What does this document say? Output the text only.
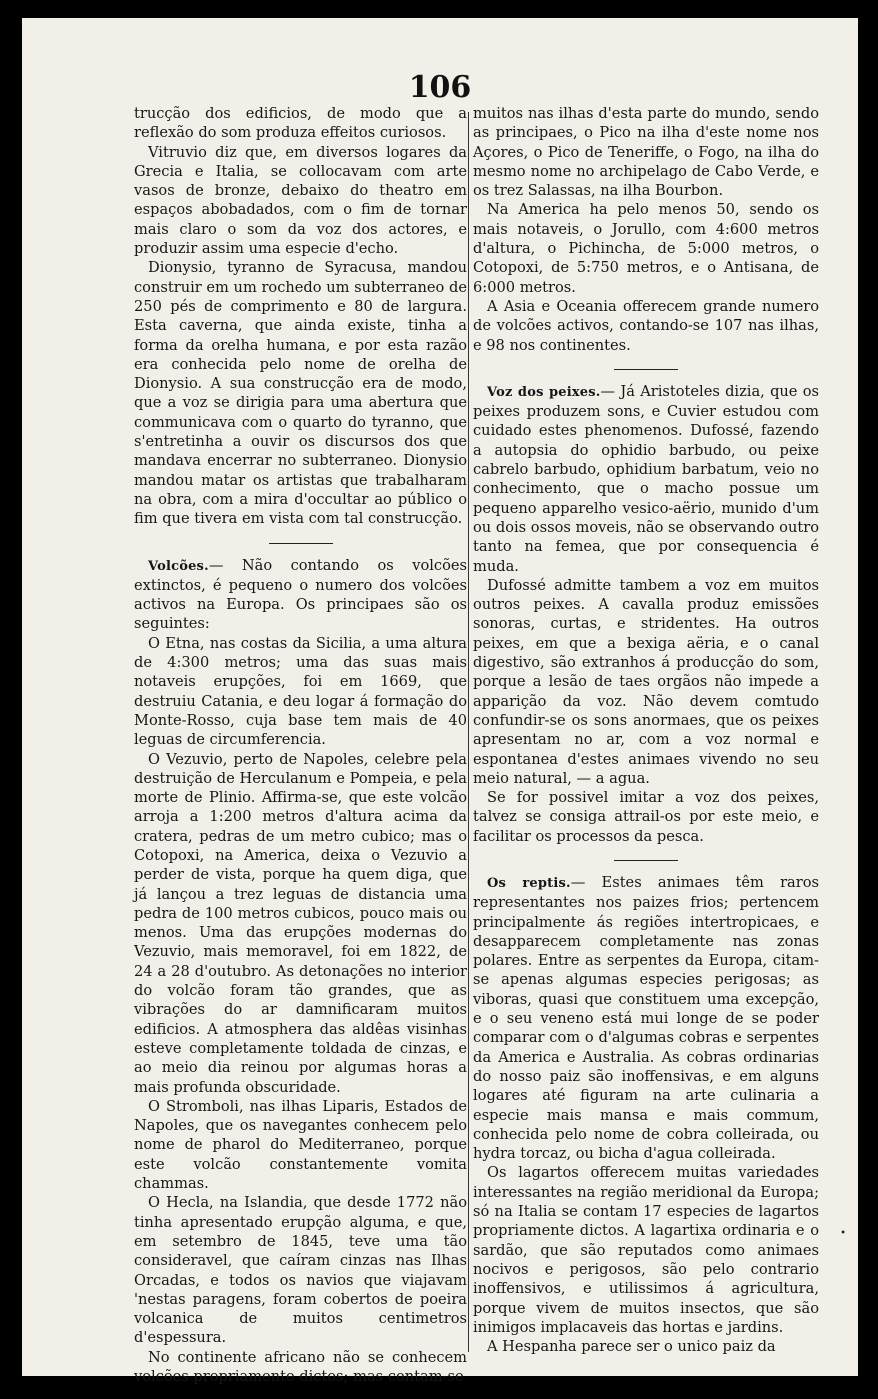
106

trucção dos edificios, de modo que a reflexão do som produza effeitos curiosos.

Vitruvio diz que, em diversos logares da Grecia e Italia, se collocavam com arte vasos de bronze, debaixo do theatro em espaços abobadados, com o fim de tornar mais claro o som da voz dos actores, e produzir assim uma especie d'echo.

Dionysio, tyranno de Syracusa, mandou construir em um rochedo um subterraneo de 250 pés de comprimento e 80 de largura. Esta caverna, que ainda existe, tinha a forma da orelha humana, e por esta razão era conhecida pelo nome de orelha de Dionysio. A sua construcção era de modo, que a voz se dirigia para uma abertura que communicava com o quarto do tyranno, que s'entretinha a ouvir os discursos dos que mandava encerrar no subterraneo. Dionysio mandou matar os artistas que trabalharam na obra, com a mira d'occultar ao público o fim que tivera em vista com tal construcção.

Volcões.— Não contando os volcões extinctos, é pequeno o numero dos volcões activos na Europa. Os principaes são os seguintes:

O Etna, nas costas da Sicilia, a uma altura de 4:300 metros; uma das suas mais notaveis erupções, foi em 1669, que destruiu Catania, e deu logar á formação do Monte-Rosso, cuja base tem mais de 40 leguas de circumferencia.

O Vezuvio, perto de Napoles, celebre pela destruição de Herculanum e Pompeia, e pela morte de Plinio. Affirma-se, que este volcão arroja a 1:200 metros d'altura acima da cratera, pedras de um metro cubico; mas o Cotopoxi, na America, deixa o Vezuvio a perder de vista, porque ha quem diga, que já lançou a trez leguas de distancia uma pedra de 100 metros cubicos, pouco mais ou menos. Uma das erupções modernas do Vezuvio, mais memoravel, foi em 1822, de 24 a 28 d'outubro. As detonações no interior do volcão foram tão grandes, que as vibrações do ar damnificaram muitos edificios. A atmosphera das aldêas visinhas esteve completamente toldada de cinzas, e ao meio dia reinou por algumas horas a mais profunda obscuridade.

O Stromboli, nas ilhas Liparis, Estados de Napoles, que os navegantes conhecem pelo nome de pharol do Mediterraneo, porque este volcão constantemente vomita chammas.

O Hecla, na Islandia, que desde 1772 não tinha apresentado erupção alguma, e que, em setembro de 1845, teve uma tão consideravel, que caíram cinzas nas Ilhas Orcadas, e todos os navios que viajavam 'nestas paragens, foram cobertos de poeira volcanica de muitos centimetros d'espessura.

No continente africano não se conhecem volcões propriamente dictos; mas contam-se

muitos nas ilhas d'esta parte do mundo, sendo as principaes, o Pico na ilha d'este nome nos Açores, o Pico de Teneriffe, o Fogo, na ilha do mesmo nome no archipelago de Cabo Verde, e os trez Salassas, na ilha Bourbon.

Na America ha pelo menos 50, sendo os mais notaveis, o Jorullo, com 4:600 metros d'altura, o Pichincha, de 5:000 metros, o Cotopoxi, de 5:750 metros, e o Antisana, de 6:000 metros.

A Asia e Oceania offerecem grande numero de volcões activos, contando-se 107 nas ilhas, e 98 nos continentes.

Voz dos peixes.— Já Aristoteles dizia, que os peixes produzem sons, e Cuvier estudou com cuidado estes phenomenos. Dufossé, fazendo a autopsia do ophidio barbudo, ou peixe cabrelo barbudo, ophidium barbatum, veio no conhecimento, que o macho possue um pequeno apparelho vesico-aërio, munido d'um ou dois ossos moveis, não se observando outro tanto na femea, que por consequencia é muda.

Dufossé admitte tambem a voz em muitos outros peixes. A cavalla produz emissões sonoras, curtas, e stridentes. Ha outros peixes, em que a bexiga aëria, e o canal digestivo, são extranhos á producção do som, porque a lesão de taes orgãos não impede a apparição da voz. Não devem comtudo confundir-se os sons anormaes, que os peixes apresentam no ar, com a voz normal e espontanea d'estes animaes vivendo no seu meio natural, — a agua.

Se for possivel imitar a voz dos peixes, talvez se consiga attrail-os por este meio, e facilitar os processos da pesca.

Os reptis.— Estes animaes têm raros representantes nos paizes frios; pertencem principalmente ás regiões intertropicaes, e desapparecem completamente nas zonas polares. Entre as serpentes da Europa, citam-se apenas algumas especies perigosas; as viboras, quasi que constituem uma excepção, e o seu veneno está mui longe de se poder comparar com o d'algumas cobras e serpentes da America e Australia. As cobras ordinarias do nosso paiz são inoffensivas, e em alguns logares até figuram na arte culinaria a especie mais mansa e mais commum, conhecida pelo nome de cobra colleirada, ou hydra torcaz, ou bicha d'agua colleirada.

Os lagartos offerecem muitas variedades interessantes na região meridional da Europa; só na Italia se contam 17 especies de lagartos propriamente dictos. A lagartixa ordinaria e o sardão, que são reputados como animaes nocivos e perigosos, são pelo contrario inoffensivos, e utilissimos á agricultura, porque vivem de muitos insectos, que são inimigos implacaveis das hortas e jardins.

A Hespanha parece ser o unico paiz da

•
